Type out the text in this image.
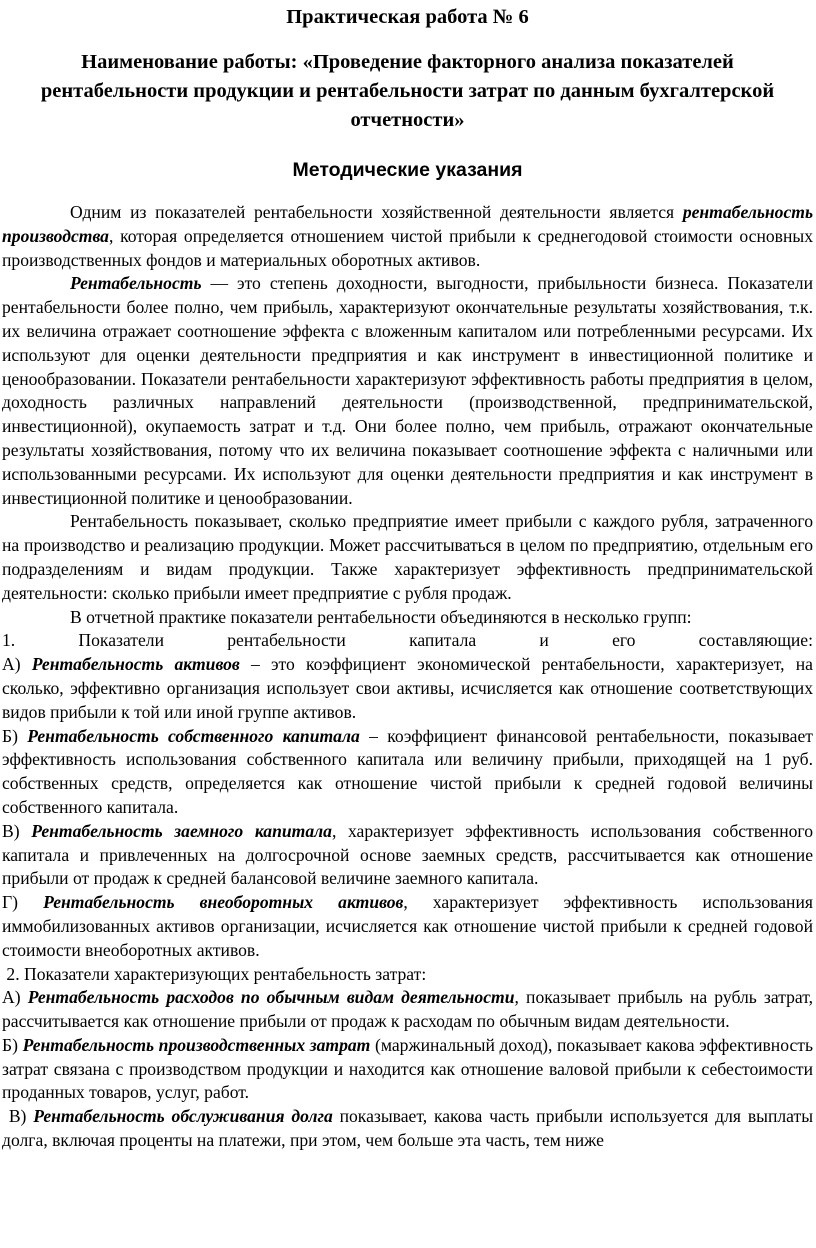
Практическая работа № 6
Наименование работы: «Проведение факторного анализа показателей рентабельности продукции и рентабельности затрат по данным бухгалтерской отчетности»
Методические указания

Одним из показателей рентабельности хозяйственной деятельности является рентабельность производства, которая определяется отношением чистой прибыли к среднегодовой стоимости основных производственных фондов и материальных оборотных активов.

Рентабельность — это степень доходности, выгодности, прибыльности бизнеса. Показатели рентабельности более полно, чем прибыль, характеризуют окончательные результаты хозяйствования, т.к. их величина отражает соотношение эффекта с вложенным капиталом или потребленными ресурсами. Их используют для оценки деятельности предприятия и как инструмент в инвестиционной политике и ценообразовании. Показатели рентабельности характеризуют эффективность работы предприятия в целом, доходность различных направлений деятельности (производственной, предпринимательской, инвестиционной), окупаемость затрат и т.д. Они более полно, чем прибыль, отражают окончательные результаты хозяйствования, потому что их величина показывает соотношение эффекта с наличными или использованными ресурсами. Их используют для оценки деятельности предприятия и как инструмент в инвестиционной политике и ценообразовании.

Рентабельность показывает, сколько предприятие имеет прибыли с каждого рубля, затраченного на производство и реализацию продукции. Может рассчитываться в целом по предприятию, отдельным его подразделениям и видам продукции. Также характеризует эффективность предпринимательской деятельности: сколько прибыли имеет предприятие с рубля продаж.

В отчетной практике показатели рентабельности объединяются в несколько групп:

1. Показатели рентабельности капитала и его составляющие:

А) Рентабельность активов – это коэффициент экономической рентабельности, характеризует, на сколько, эффективно организация использует свои активы, исчисляется как отношение соответствующих видов прибыли к той или иной группе активов.

Б) Рентабельность собственного капитала – коэффициент финансовой рентабельности, показывает эффективность использования собственного капитала или величину прибыли, приходящей на 1 руб. собственных средств, определяется как отношение чистой прибыли к средней годовой величины собственного капитала.

В) Рентабельность заемного капитала, характеризует эффективность использования собственного капитала и привлеченных на долгосрочной основе заемных средств, рассчитывается как отношение прибыли от продаж к средней балансовой величине заемного капитала.

Г) Рентабельность внеоборотных активов, характеризует эффективность использования иммобилизованных активов организации, исчисляется как отношение чистой прибыли к средней годовой стоимости внеоборотных активов.

2. Показатели характеризующих рентабельность затрат:

А) Рентабельность расходов по обычным видам деятельности, показывает прибыль на рубль затрат, рассчитывается как отношение прибыли от продаж к расходам по обычным видам деятельности.

Б) Рентабельность производственных затрат (маржинальный доход), показывает какова эффективность затрат связана с производством продукции и находится как отношение валовой прибыли к себестоимости проданных товаров, услуг, работ.

В) Рентабельность обслуживания долга показывает, какова часть прибыли используется для выплаты долга, включая проценты на платежи, при этом, чем больше эта часть, тем ниже
